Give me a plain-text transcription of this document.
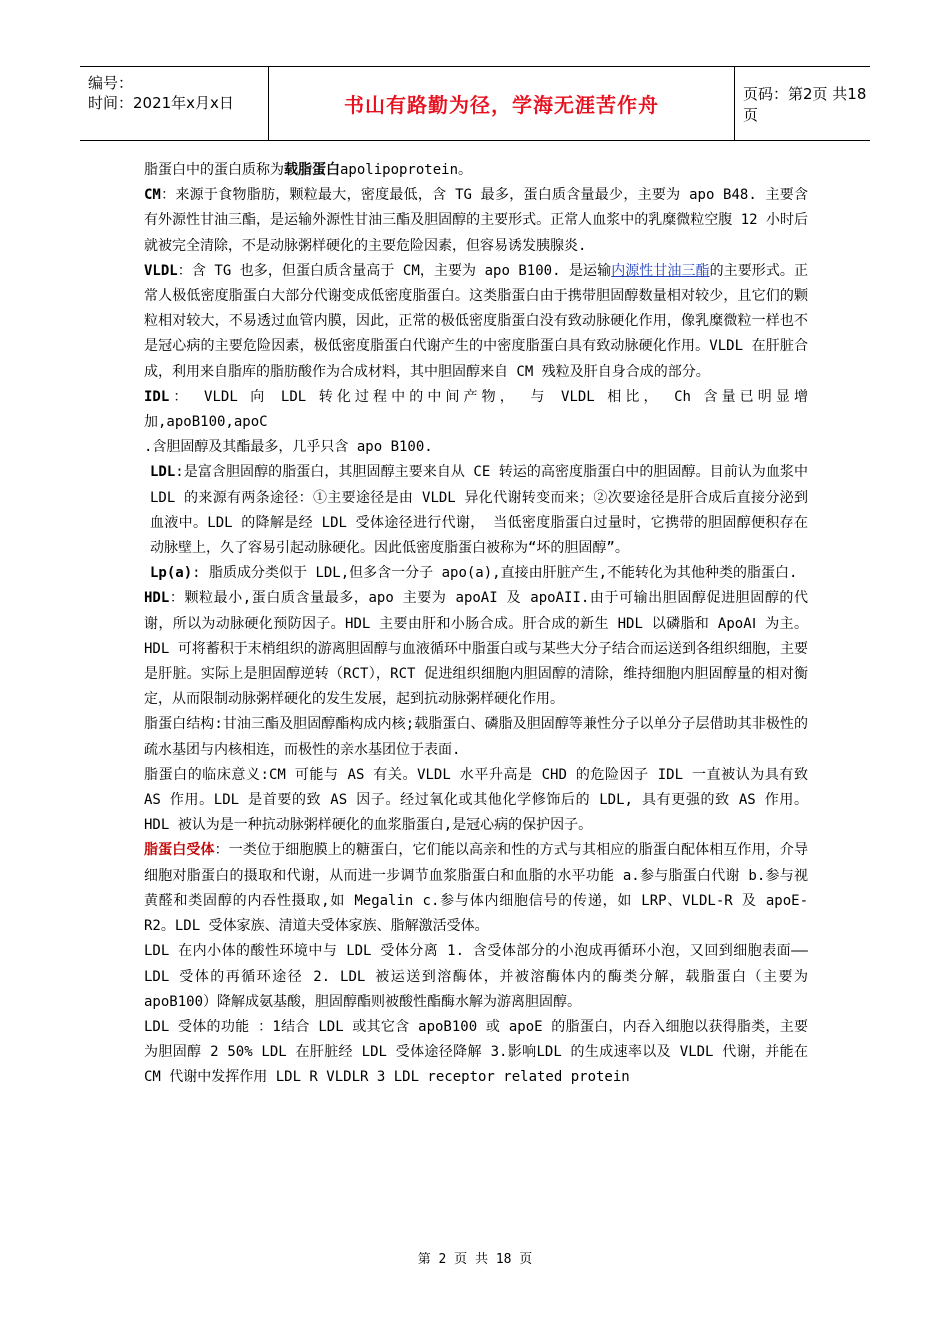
编号：
时间：2021年x月x日	书山有路勤为径，学海无涯苦作舟	页码：第2页 共18页

脂蛋白中的蛋白质称为载脂蛋白apolipoprotein。

CM：来源于食物脂肪，颗粒最大，密度最低，含 TG 最多，蛋白质含量最少，主要为 apo B48. 主要含有外源性甘油三酯，是运输外源性甘油三酯及胆固醇的主要形式。正常人血浆中的乳糜微粒空腹 12 小时后就被完全清除，不是动脉粥样硬化的主要危险因素，但容易诱发胰腺炎.

VLDL：含 TG 也多，但蛋白质含量高于 CM，主要为 apo B100. 是运输内源性甘油三酯的主要形式。正常人极低密度脂蛋白大部分代谢变成低密度脂蛋白。这类脂蛋白由于携带胆固醇数量相对较少，且它们的颗粒相对较大，不易透过血管内膜，因此，正常的极低密度脂蛋白没有致动脉硬化作用，像乳糜微粒一样也不是冠心病的主要危险因素，极低密度脂蛋白代谢产生的中密度脂蛋白具有致动脉硬化作用。VLDL 在肝脏合成，利用来自脂库的脂肪酸作为合成材料，其中胆固醇来自 CM 残粒及肝自身合成的部分。

IDL： VLDL 向 LDL 转化过程中的中间产物， 与 VLDL 相比， Ch 含量已明显增

加,apoB100,apoC

.含胆固醇及其酯最多，几乎只含 apo B100.

LDL:是富含胆固醇的脂蛋白，其胆固醇主要来自从 CE 转运的高密度脂蛋白中的胆固醇。目前认为血浆中 LDL 的来源有两条途径：①主要途径是由 VLDL 异化代谢转变而来；②次要途径是肝合成后直接分泌到血液中。LDL 的降解是经 LDL 受体途径进行代谢， 当低密度脂蛋白过量时，它携带的胆固醇便积存在动脉壁上，久了容易引起动脉硬化。因此低密度脂蛋白被称为“坏的胆固醇”。

Lp(a): 脂质成分类似于 LDL,但多含一分子 apo(a),直接由肝脏产生,不能转化为其他种类的脂蛋白.

HDL：颗粒最小,蛋白质含量最多，apo 主要为 apoAI 及 apoAII.由于可输出胆固醇促进胆固醇的代谢，所以为动脉硬化预防因子。HDL 主要由肝和小肠合成。肝合成的新生 HDL 以磷脂和 ApoAⅠ 为主。HDL 可将蓄积于末梢组织的游离胆固醇与血液循环中脂蛋白或与某些大分子结合而运送到各组织细胞，主要是肝脏。实际上是胆固醇逆转（RCT），RCT 促进组织细胞内胆固醇的清除，维持细胞内胆固醇量的相对衡定，从而限制动脉粥样硬化的发生发展，起到抗动脉粥样硬化作用。

脂蛋白结构:甘油三酯及胆固醇酯构成内核;载脂蛋白、磷脂及胆固醇等兼性分子以单分子层借助其非极性的疏水基团与内核相连，而极性的亲水基团位于表面.

脂蛋白的临床意义:CM 可能与 AS 有关。VLDL 水平升高是 CHD 的危险因子 IDL 一直被认为具有致 AS 作用。LDL 是首要的致 AS 因子。经过氧化或其他化学修饰后的 LDL, 具有更强的致 AS 作用。HDL 被认为是一种抗动脉粥样硬化的血浆脂蛋白,是冠心病的保护因子。

脂蛋白受体：一类位于细胞膜上的糖蛋白，它们能以高亲和性的方式与其相应的脂蛋白配体相互作用，介导细胞对脂蛋白的摄取和代谢，从而进一步调节血浆脂蛋白和血脂的水平功能 a.参与脂蛋白代谢 b.参与视黄醛和类固醇的内吞性摄取,如 Megalin c.参与体内细胞信号的传递，如 LRP、VLDL-R 及 apoE-R2。LDL 受体家族、清道夫受体家族、脂解激活受体。

LDL 在内小体的酸性环境中与 LDL 受体分离 1. 含受体部分的小泡成再循环小泡，又回到细胞表面—— LDL 受体的再循环途径 2. LDL 被运送到溶酶体，并被溶酶体内的酶类分解，载脂蛋白（主要为 apoB100）降解成氨基酸，胆固醇酯则被酸性酯酶水解为游离胆固醇。

LDL 受体的功能 ：1结合 LDL 或其它含 apoB100 或 apoE 的脂蛋白，内吞入细胞以获得脂类，主要为胆固醇 2 50% LDL 在肝脏经 LDL 受体途径降解 3.影响LDL 的生成速率以及 VLDL 代谢，并能在 CM 代谢中发挥作用 LDL R VLDLR 3 LDL receptor related protein

第 2 页 共 18 页
